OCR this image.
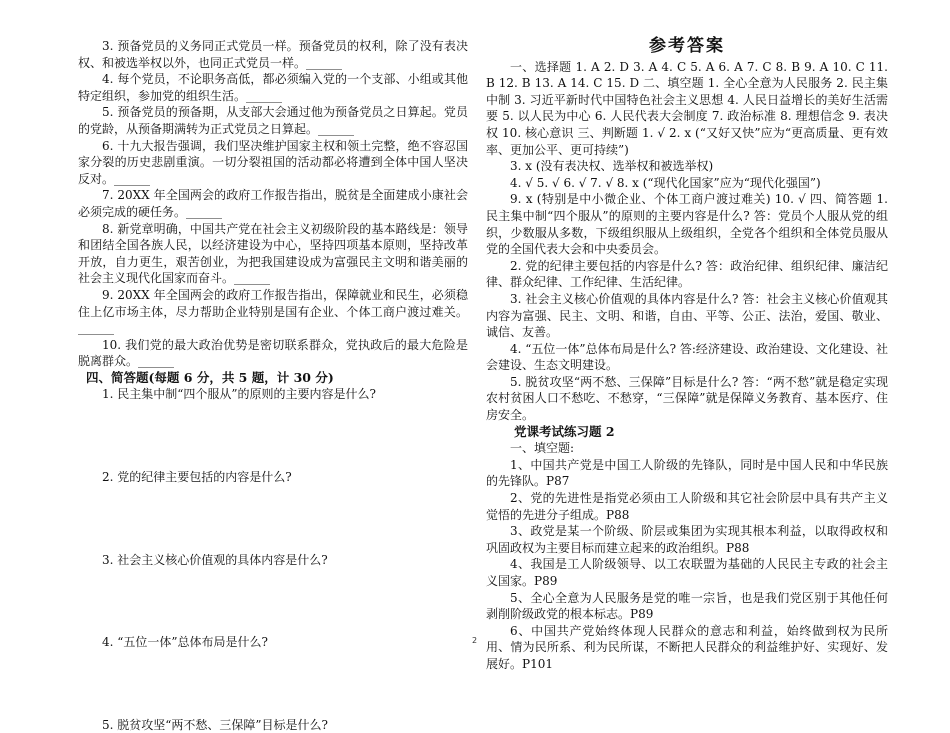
3. 预备党员的义务同正式党员一样。预备党员的权利，除了没有表决权、和被选举权以外，也同正式党员一样。______

4. 每个党员，不论职务高低，都必须编入党的一个支部、小组或其他特定组织，参加党的组织生活。______

5. 预备党员的预备期，从支部大会通过他为预备党员之日算起。党员的党龄，从预备期满转为正式党员之日算起。______

6. 十九大报告强调，我们坚决维护国家主权和领土完整，绝不容忍国家分裂的历史悲剧重演。一切分裂祖国的活动都必将遭到全体中国人坚决反对。______

7. 20XX 年全国两会的政府工作报告指出，脱贫是全面建成小康社会必须完成的硬任务。______

8. 新党章明确，中国共产党在社会主义初级阶段的基本路线是：领导和团结全国各族人民，以经济建设为中心，坚持四项基本原则，坚持改革开放，自力更生，艰苦创业，为把我国建设成为富强民主文明和谐美丽的社会主义现代化国家而奋斗。______

9. 20XX 年全国两会的政府工作报告指出，保障就业和民生，必须稳住上亿市场主体，尽力帮助企业特别是国有企业、个体工商户渡过难关。______

10. 我们党的最大政治优势是密切联系群众，党执政后的最大危险是脱离群众。______

四、简答题(每题 6 分，共 5 题，计 30 分)

1. 民主集中制“四个服从”的原则的主要内容是什么?

2. 党的纪律主要包括的内容是什么?

3. 社会主义核心价值观的具体内容是什么?

4. “五位一体”总体布局是什么?

5. 脱贫攻坚“两不愁、三保障”目标是什么?

参考答案

一、选择题 1. A 2. D 3. A 4. C 5. A 6. A 7. C 8. B 9. A 10. C 11. B 12. B 13. A 14. C 15. D 二、填空题 1. 全心全意为人民服务 2. 民主集中制 3. 习近平新时代中国特色社会主义思想 4. 人民日益增长的美好生活需要 5. 以人民为中心 6. 人民代表大会制度 7. 政治标准 8. 理想信念 9. 表决权 10. 核心意识 三、判断题 1. √ 2. x (“又好又快”应为“更高质量、更有效率、更加公平、更可持续”)

3. x (没有表决权、选举权和被选举权)

4. √ 5. √ 6. √ 7. √ 8. x (“现代化国家”应为“现代化强国”)

9. x (特别是中小微企业、个体工商户渡过难关) 10. √ 四、简答题 1. 民主集中制“四个服从”的原则的主要内容是什么? 答：党员个人服从党的组织，少数服从多数，下级组织服从上级组织，全党各个组织和全体党员服从党的全国代表大会和中央委员会。

2. 党的纪律主要包括的内容是什么? 答：政治纪律、组织纪律、廉洁纪律、群众纪律、工作纪律、生活纪律。

3. 社会主义核心价值观的具体内容是什么? 答：社会主义核心价值观其内容为富强、民主、文明、和谐，自由、平等、公正、法治，爱国、敬业、诚信、友善。

4. “五位一体”总体布局是什么? 答:经济建设、政治建设、文化建设、社会建设、生态文明建设。

5. 脱贫攻坚“两不愁、三保障”目标是什么? 答：“两不愁”就是稳定实现农村贫困人口不愁吃、不愁穿，“三保障”就是保障义务教育、基本医疗、住房安全。

党课考试练习题 2

一、填空题:

1、中国共产党是中国工人阶级的先锋队，同时是中国人民和中华民族的先锋队。P87

2、党的先进性是指党必须由工人阶级和其它社会阶层中具有共产主义觉悟的先进分子组成。P88

3、政党是某一个阶级、阶层或集团为实现其根本利益，以取得政权和巩固政权为主要目标而建立起来的政治组织。P88

4、我国是工人阶级领导、以工农联盟为基础的人民民主专政的社会主义国家。P89

5、全心全意为人民服务是党的唯一宗旨，也是我们党区别于其他任何剥削阶级政党的根本标志。P89

6、中国共产党始终体现人民群众的意志和利益，始终做到权为民所用、情为民所系、利为民所谋，不断把人民群众的利益维护好、实现好、发展好。P101

2
